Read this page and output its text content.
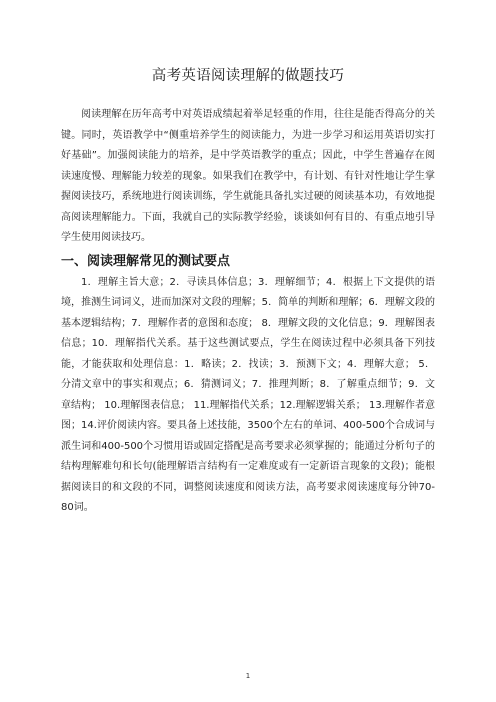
高考英语阅读理解的做题技巧

阅读理解在历年高考中对英语成绩起着举足轻重的作用，往往是能否得高分的关键。同时，英语教学中“侧重培养学生的阅读能力，为进一步学习和运用英语切实打好基础”。加强阅读能力的培养，是中学英语教学的重点；因此，中学生普遍存在阅读速度慢、理解能力较差的现象。如果我们在教学中，有计划、有针对性地让学生掌握阅读技巧，系统地进行阅读训练，学生就能具备扎实过硬的阅读基本功，有效地提高阅读理解能力。下面，我就自己的实际教学经验，谈谈如何有目的、有重点地引导学生使用阅读技巧。

一、阅读理解常见的测试要点

1．理解主旨大意；2．寻读具体信息；3．理解细节；4．根据上下文提供的语境，推测生词词义，进而加深对文段的理解；5．简单的判断和理解；6．理解文段的基本逻辑结构；7．理解作者的意图和态度； 8．理解文段的文化信息；9．理解图表信息；10．理解指代关系。基于这些测试要点，学生在阅读过程中必须具备下列技能，才能获取和处理信息：1．略读；2．找读；3．预测下文；4．理解大意； 5．分清文章中的事实和观点；6．猜测词义；7．推理判断；8．了解重点细节；9．文章结构； 10.理解图表信息； 11.理解指代关系；12.理解逻辑关系； 13.理解作者意图；14.评价阅读内容。要具备上述技能，3500个左右的单词、400-500个合成词与派生词和400-500个习惯用语或固定搭配是高考要求必须掌握的；能通过分析句子的结构理解难句和长句(能理解语言结构有一定难度或有一定新语言现象的文段)；能根据阅读目的和文段的不同，调整阅读速度和阅读方法，高考要求阅读速度每分钟70-80词。

1
